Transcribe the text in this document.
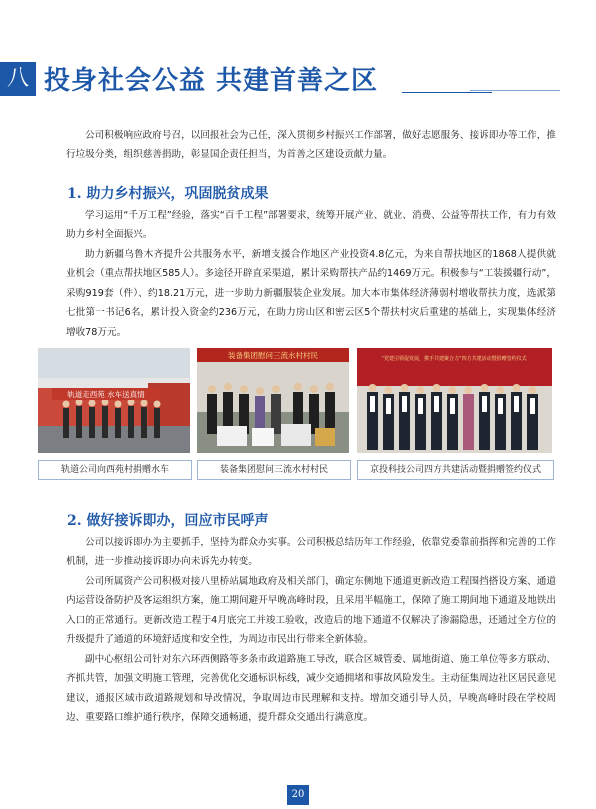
八 投身社会公益 共建首善之区
公司积极响应政府号召，以回报社会为己任，深入贯彻乡村振兴工作部署，做好志愿服务、接诉即办等工作，推行垃圾分类，组织慈善捐助，彰显国企责任担当，为首善之区建设贡献力量。
1. 助力乡村振兴，巩固脱贫成果
学习运用“千万工程”经验，落实“百千工程”部署要求，统筹开展产业、就业、消费、公益等帮扶工作，有力有效助力乡村全面振兴。
助力新疆乌鲁木齐提升公共服务水平，新增支援合作地区产业投资4.8亿元，为来自帮扶地区的1868人提供就业机会（重点帮扶地区585人）。多途径开辟直采渠道，累计采购帮扶产品约1469万元。积极参与“工装援疆行动”，采购919套（件）、约18.21万元，进一步助力新疆服装企业发展。加大本市集体经济薄弱村增收帮扶力度，选派第七批第一书记6名，累计投入资金约236万元，在助力房山区和密云区5个帮扶村灾后重建的基础上，实现集体经济增收78万元。
轨道走西苑 水车送真情
装备集团慰问三流水村村民	“党建引领促发展，携手共建聚合力”四方共建活动暨捐赠签约仪式
轨道公司向西苑村捐赠水车	装备集团慰问三流水村村民	京投科技公司四方共建活动暨捐赠签约仪式
2. 做好接诉即办，回应市民呼声
公司以接诉即办为主要抓手，坚持为群众办实事。公司积极总结历年工作经验，依靠党委靠前指挥和完善的工作机制，进一步推动接诉即办向未诉先办转变。
公司所属资产公司积极对接八里桥站属地政府及相关部门，确定东侧地下通道更新改造工程围挡搭设方案、通道内运营设备防护及客运组织方案，施工期间避开早晚高峰时段，且采用半幅施工，保障了施工期间地下通道及地铁出入口的正常通行。更新改造工程于4月底完工并竣工验收，改造后的地下通道不仅解决了渗漏隐患，还通过全方位的升级提升了通道的环境舒适度和安全性，为周边市民出行带来全新体验。
副中心枢纽公司针对东六环西侧路等多条市政道路施工导改，联合区城管委、属地街道、施工单位等多方联动、齐抓共管，加强文明施工管理，完善优化交通标识标线，减少交通拥堵和事故风险发生。主动征集周边社区居民意见建议，通报区域市政道路规划和导改情况，争取周边市民理解和支持。增加交通引导人员，早晚高峰时段在学校周边、重要路口维护通行秩序，保障交通畅通，提升群众交通出行满意度。
20
